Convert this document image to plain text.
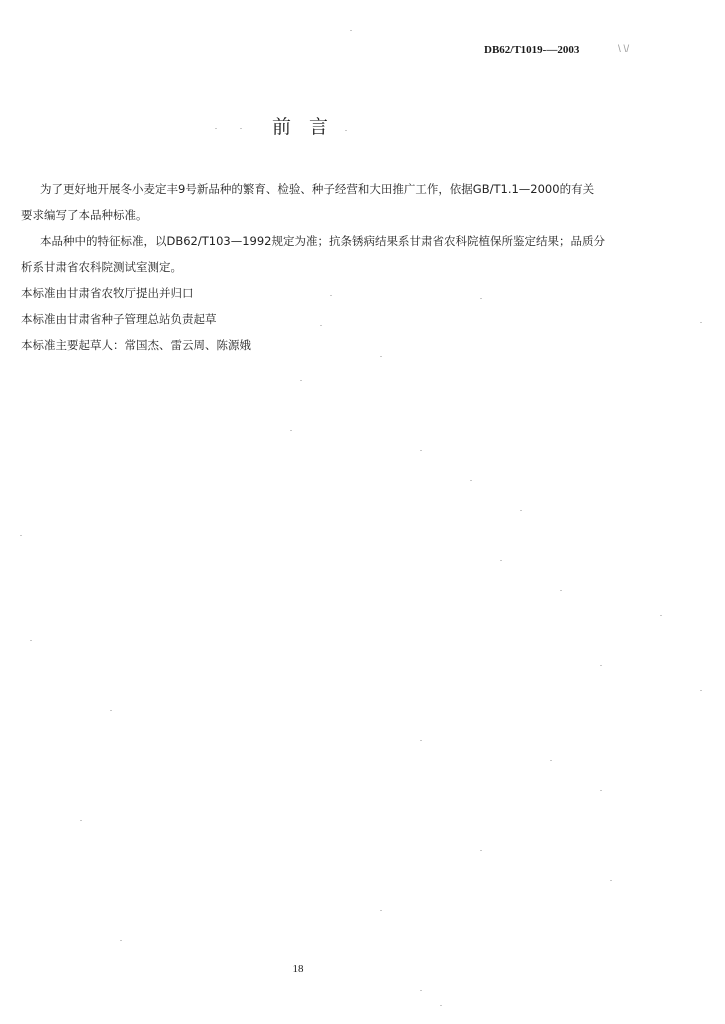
DB62/T1019-—2003	\ \/
前 言
为了更好地开展冬小麦定丰9号新品种的繁育、检验、种子经营和大田推广工作，依据GB/T1.1—2000的有关
要求编写了本品种标准。
本品种中的特征标准，以DB62/T103—1992规定为准；抗条锈病结果系甘肃省农科院植保所鉴定结果；品质分
析系甘肃省农科院测试室测定。
本标准由甘肃省农牧厅提出并归口
本标准由甘肃省种子管理总站负责起草
本标准主要起草人：常国杰、雷云周、陈源娥
18
